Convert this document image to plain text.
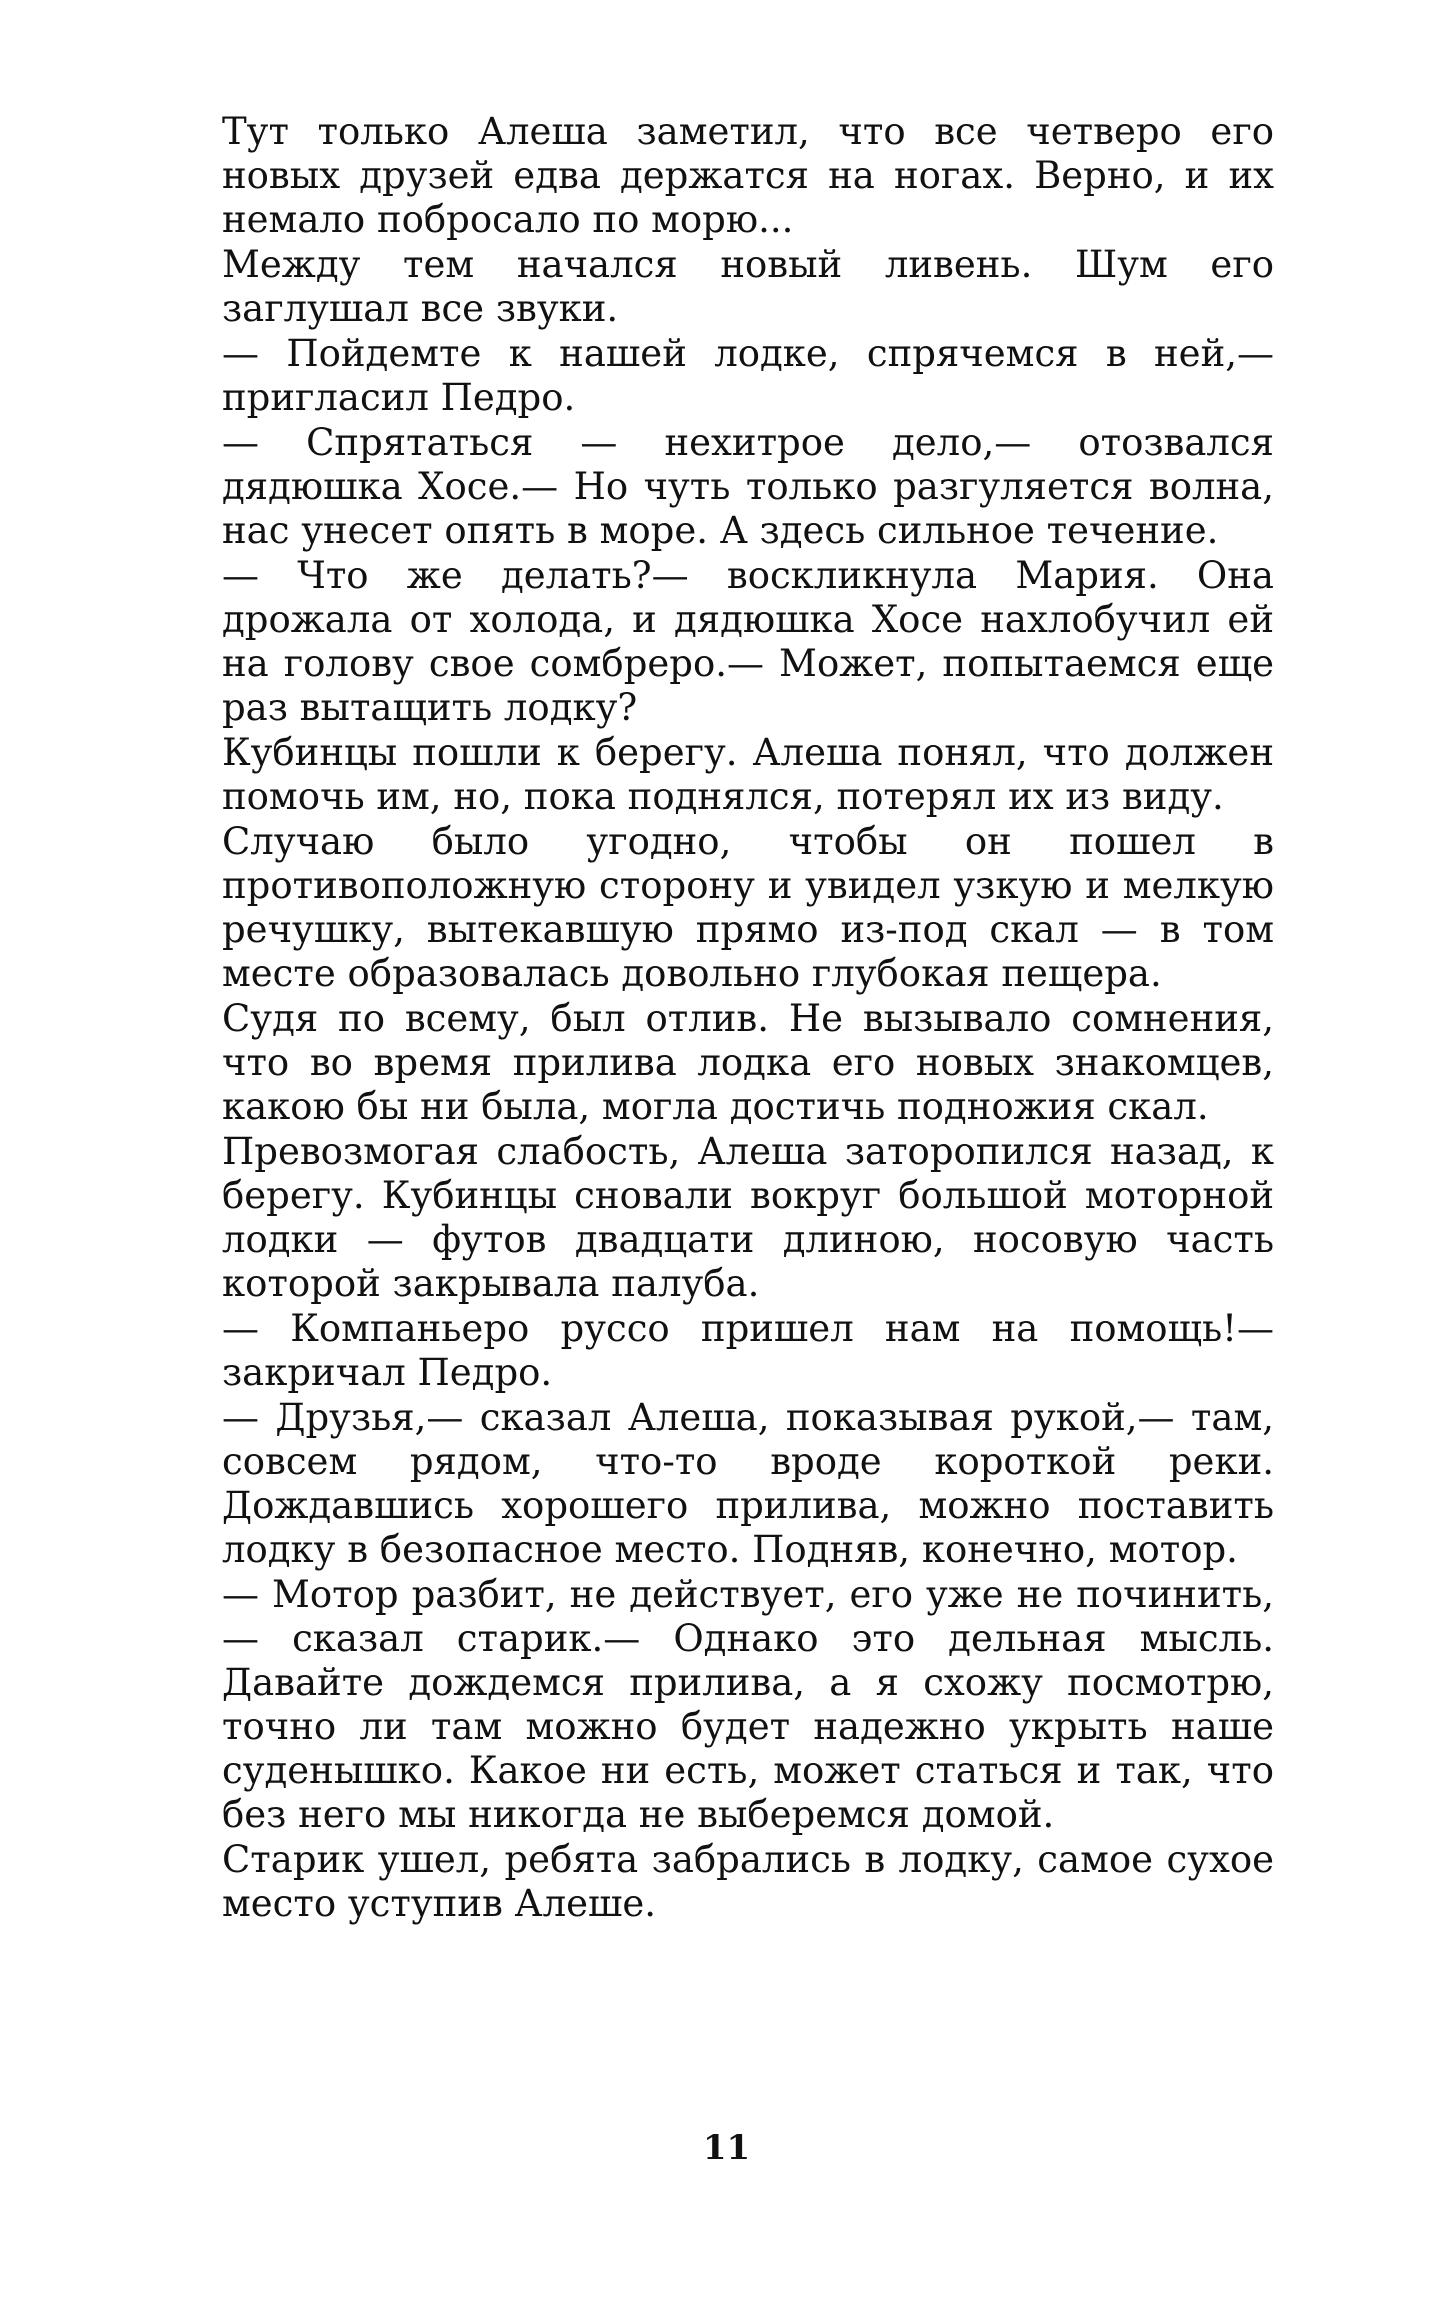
Тут только Алеша заметил, что все четверо его новых друзей едва держатся на ногах. Верно, и их немало побросало по морю...

Между тем начался новый ливень. Шум его заглушал все звуки.

— Пойдемте к нашей лодке, спрячемся в ней,— пригласил Педро.

— Спрятаться — нехитрое дело,— отозвался дядюшка Хосе.— Но чуть только разгуляется волна, нас унесет опять в море. А здесь сильное течение.

— Что же делать?— воскликнула Мария. Она дрожала от холода, и дядюшка Хосе нахлобучил ей на голову свое сомбреро.— Может, попытаемся еще раз вытащить лодку?

Кубинцы пошли к берегу. Алеша понял, что должен помочь им, но, пока поднялся, потерял их из виду.

Случаю было угодно, чтобы он пошел в противоположную сторону и увидел узкую и мелкую речушку, вытекавшую прямо из-под скал — в том месте образовалась довольно глубокая пещера.

Судя по всему, был отлив. Не вызывало сомнения, что во время прилива лодка его новых знакомцев, какою бы ни была, могла достичь подножия скал.

Превозмогая слабость, Алеша заторопился назад, к берегу. Кубинцы сновали вокруг большой моторной лодки — футов двадцати длиною, носовую часть которой закрывала палуба.

— Компаньеро руссо пришел нам на помощь!— закричал Педро.

— Друзья,— сказал Алеша, показывая рукой,— там, совсем рядом, что-то вроде короткой реки. Дождавшись хорошего прилива, можно поставить лодку в безопасное место. Подняв, конечно, мотор.

— Мотор разбит, не действует, его уже не починить,— сказал старик.— Однако это дельная мысль. Давайте дождемся прилива, а я схожу посмотрю, точно ли там можно будет надежно укрыть наше суденышко. Какое ни есть, может статься и так, что без него мы никогда не выберемся домой.

Старик ушел, ребята забрались в лодку, самое сухое место уступив Алеше.

11
